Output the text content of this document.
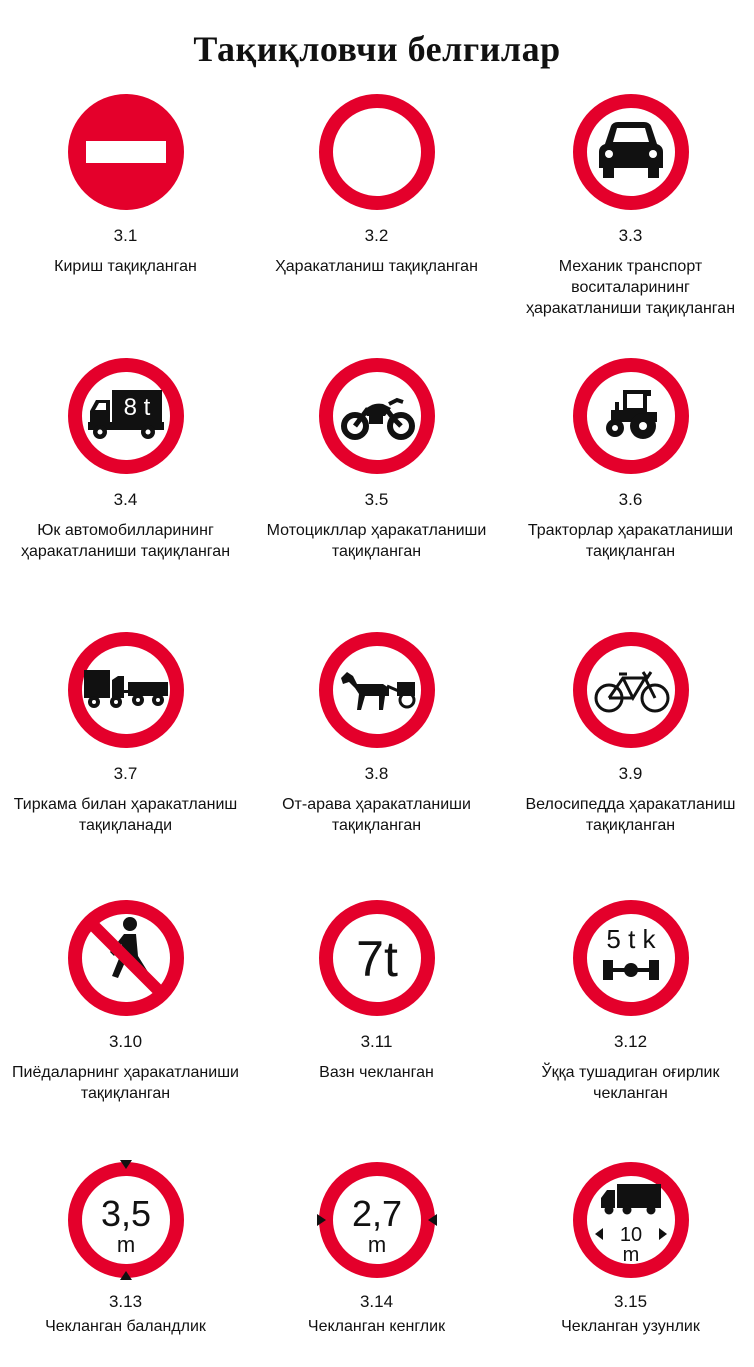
Тақиқловчи белгилар
3.1
Кириш тақиқланган
3.2
Ҳаракатланиш тақиқланган
3.3
Механик транспорт воситаларининг ҳаракатланиши тақиқланган
8 t
3.4
Юк автомобилларининг ҳаракатланиши тақиқланган
3.5
Мотоцикллар ҳаракатланиши тақиқланган
3.6
Тракторлар ҳаракатланиши тақиқланган
3.7
Тиркама билан ҳаракатланиш тақиқланади
3.8
От-арава ҳаракатланиши тақиқланган
3.9
Велосипедда ҳаракатланиш тақиқланган
3.10
Пиёдаларнинг ҳаракатланиши тақиқланган
7t
3.11
Вазн чекланган
5 t k
3.12
Ўққа тушадиган оғирлик чекланган
3,5
m
3.13
Чекланган баландлик
2,7
m
3.14
Чекланган кенглик
10
m
3.15
Чекланган узунлик
